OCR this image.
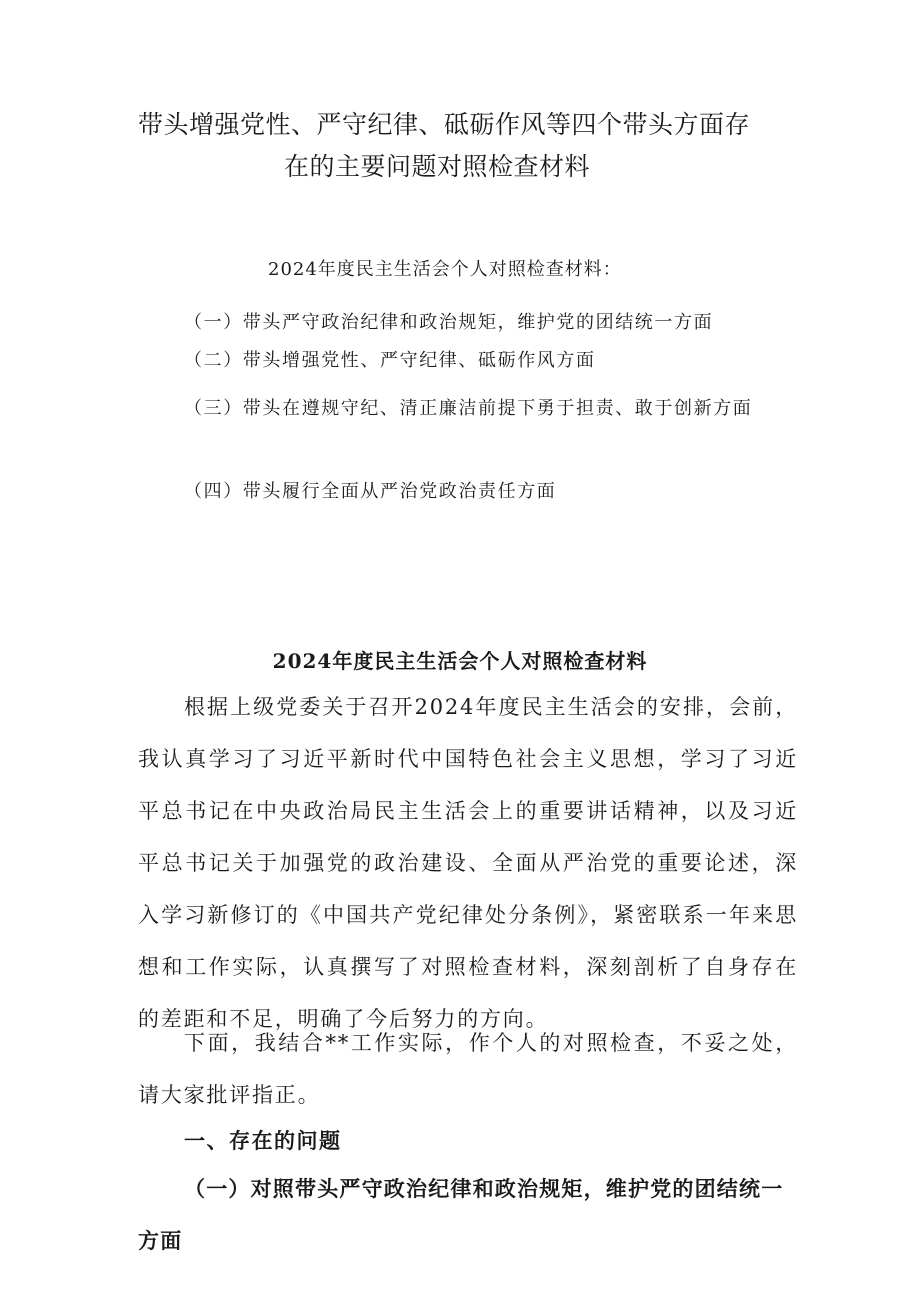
带头增强党性、严守纪律、砥砺作风等四个带头方面存
在的主要问题对照检查材料

2024年度民主生活会个人对照检查材料：

（一）带头严守政治纪律和政治规矩，维护党的团结统一方面
（二）带头增强党性、严守纪律、砥砺作风方面
（三）带头在遵规守纪、清正廉洁前提下勇于担责、敢于创新方面
（四）带头履行全面从严治党政治责任方面
2024年度民主生活会个人对照检查材料

根据上级党委关于召开2024年度民主生活会的安排，会前，我认真学习了习近平新时代中国特色社会主义思想，学习了习近平总书记在中央政治局民主生活会上的重要讲话精神，以及习近平总书记关于加强党的政治建设、全面从严治党的重要论述，深入学习新修订的《中国共产党纪律处分条例》，紧密联系一年来思想和工作实际，认真撰写了对照检查材料，深刻剖析了自身存在的差距和不足，明确了今后努力的方向。

下面，我结合**工作实际，作个人的对照检查，不妥之处，请大家批评指正。

一、存在的问题
（一）对照带头严守政治纪律和政治规矩，维护党的团结统一方面
